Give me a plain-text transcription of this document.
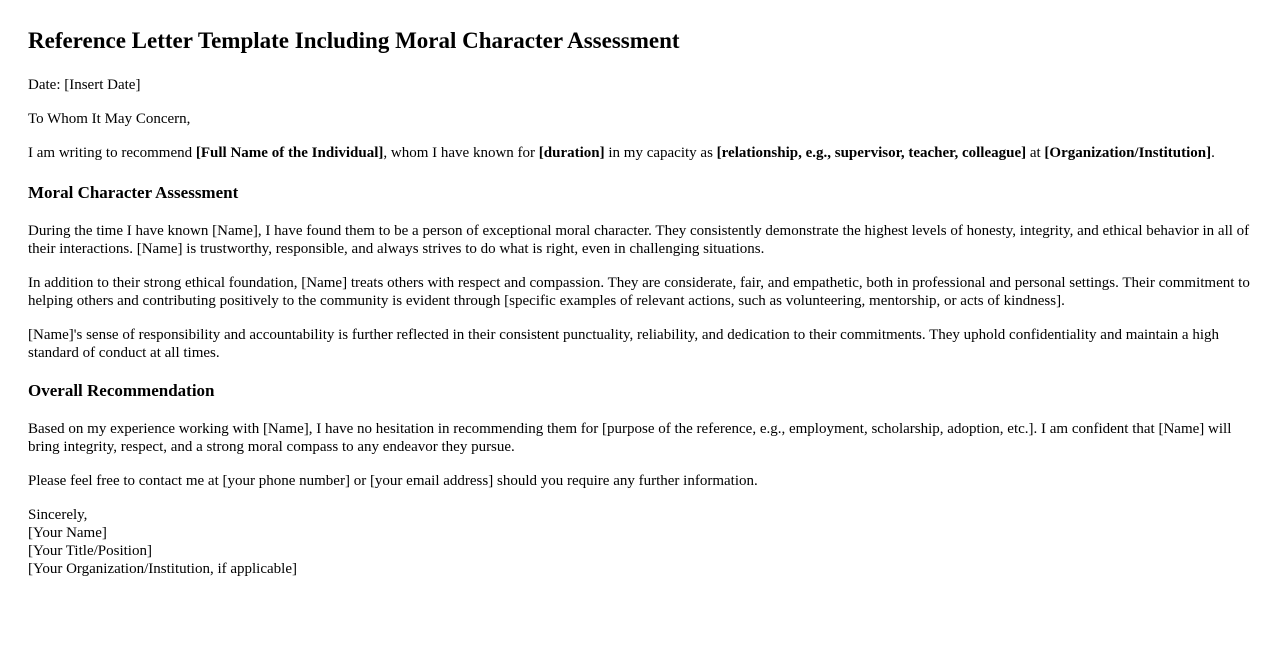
Reference Letter Template Including Moral Character Assessment

Date: [Insert Date]

To Whom It May Concern,

I am writing to recommend [Full Name of the Individual], whom I have known for [duration] in my capacity as [relationship, e.g., supervisor, teacher, colleague] at [Organization/Institution].

Moral Character Assessment

During the time I have known [Name], I have found them to be a person of exceptional moral character. They consistently demonstrate the highest levels of honesty, integrity, and ethical behavior in all of their interactions. [Name] is trustworthy, responsible, and always strives to do what is right, even in challenging situations.

In addition to their strong ethical foundation, [Name] treats others with respect and compassion. They are considerate, fair, and empathetic, both in professional and personal settings. Their commitment to helping others and contributing positively to the community is evident through [specific examples of relevant actions, such as volunteering, mentorship, or acts of kindness].

[Name]'s sense of responsibility and accountability is further reflected in their consistent punctuality, reliability, and dedication to their commitments. They uphold confidentiality and maintain a high standard of conduct at all times.

Overall Recommendation

Based on my experience working with [Name], I have no hesitation in recommending them for [purpose of the reference, e.g., employment, scholarship, adoption, etc.]. I am confident that [Name] will bring integrity, respect, and a strong moral compass to any endeavor they pursue.

Please feel free to contact me at [your phone number] or [your email address] should you require any further information.

Sincerely,
[Your Name]
[Your Title/Position]
[Your Organization/Institution, if applicable]
